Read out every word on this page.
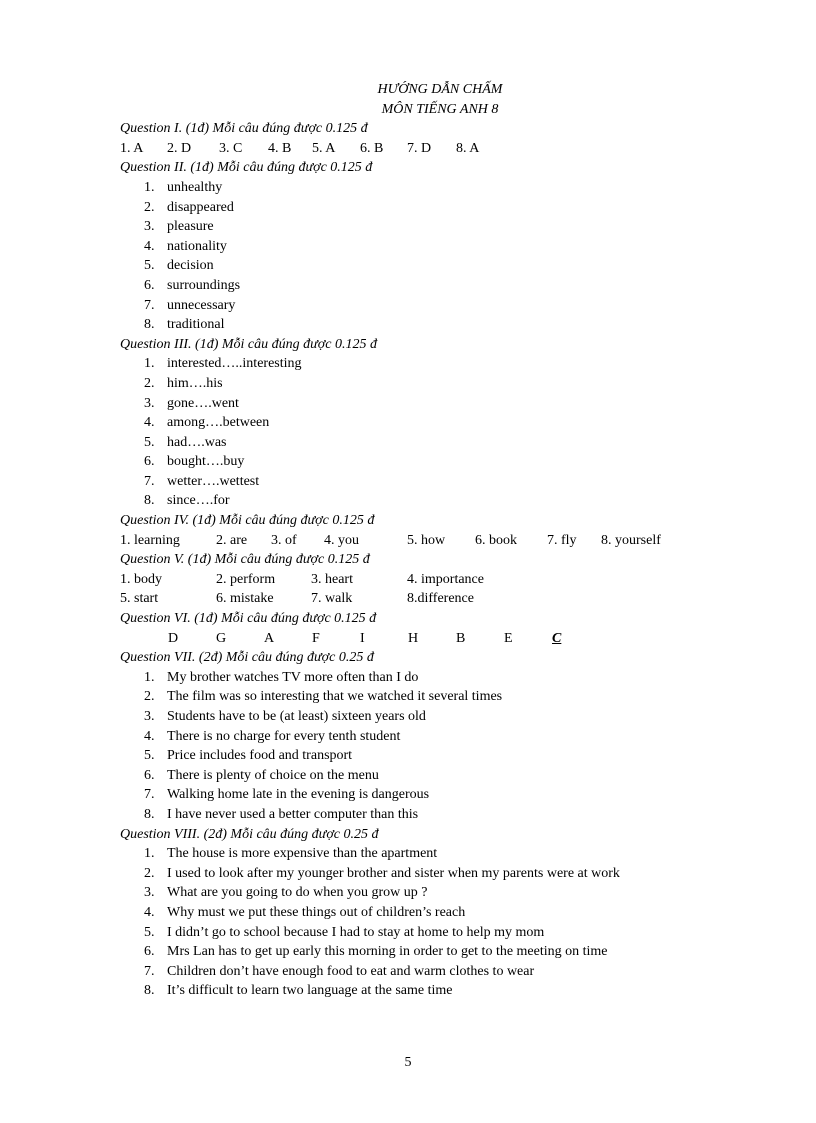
HƯỚNG DẪN CHẤM
MÔN TIẾNG ANH 8
Question I. (1đ) Mỗi câu đúng được 0.125 đ
1. A 2. D 3. C 4. B 5. A 6. B 7. D 8. A
Question II. (1đ) Mỗi câu đúng được 0.125 đ
1. unhealthy
2. disappeared
3. pleasure
4. nationality
5. decision
6. surroundings
7. unnecessary
8. traditional
Question III. (1đ) Mỗi câu đúng được 0.125 đ
1. interested…..interesting
2. him….his
3. gone….went
4. among….between
5. had….was
6. bought….buy
7. wetter….wettest
8. since….for
Question IV. (1đ) Mỗi câu đúng được 0.125 đ
1. learning	2. are 3. of 4. you	5. how 6. book 7. fly 8. yourself
Question V. (1đ) Mỗi câu đúng được 0.125 đ
1. body	2. perform	3. heart	4. importance
5. start	6. mistake	7. walk	8.difference
Question VI. (1đ) Mỗi câu đúng được 0.125 đ
D	G	A	F	I	H	B	E	C
Question VII. (2đ) Mỗi câu đúng được 0.25 đ
1. My brother watches TV more often than I do
2. The film was so interesting that we watched it several times
3. Students have to be (at least) sixteen years old
4. There is no charge for every tenth student
5. Price includes food and transport
6. There is plenty of choice on the menu
7. Walking home late in the evening is dangerous
8. I have never used a better computer than this
Question VIII. (2đ) Mỗi câu đúng được 0.25 đ
1. The house is more expensive than the apartment
2. I used to look after my younger brother and sister when my parents were at work
3. What are you going to do when you grow up ?
4. Why must we put these things out of children’s reach
5. I didn’t go to school because I had to stay at home to help my mom
6. Mrs Lan has to get up early this morning in order to get to the meeting on time
7. Children don’t have enough food to eat and warm clothes to wear
8. It’s difficult to learn two language at the same time
5
